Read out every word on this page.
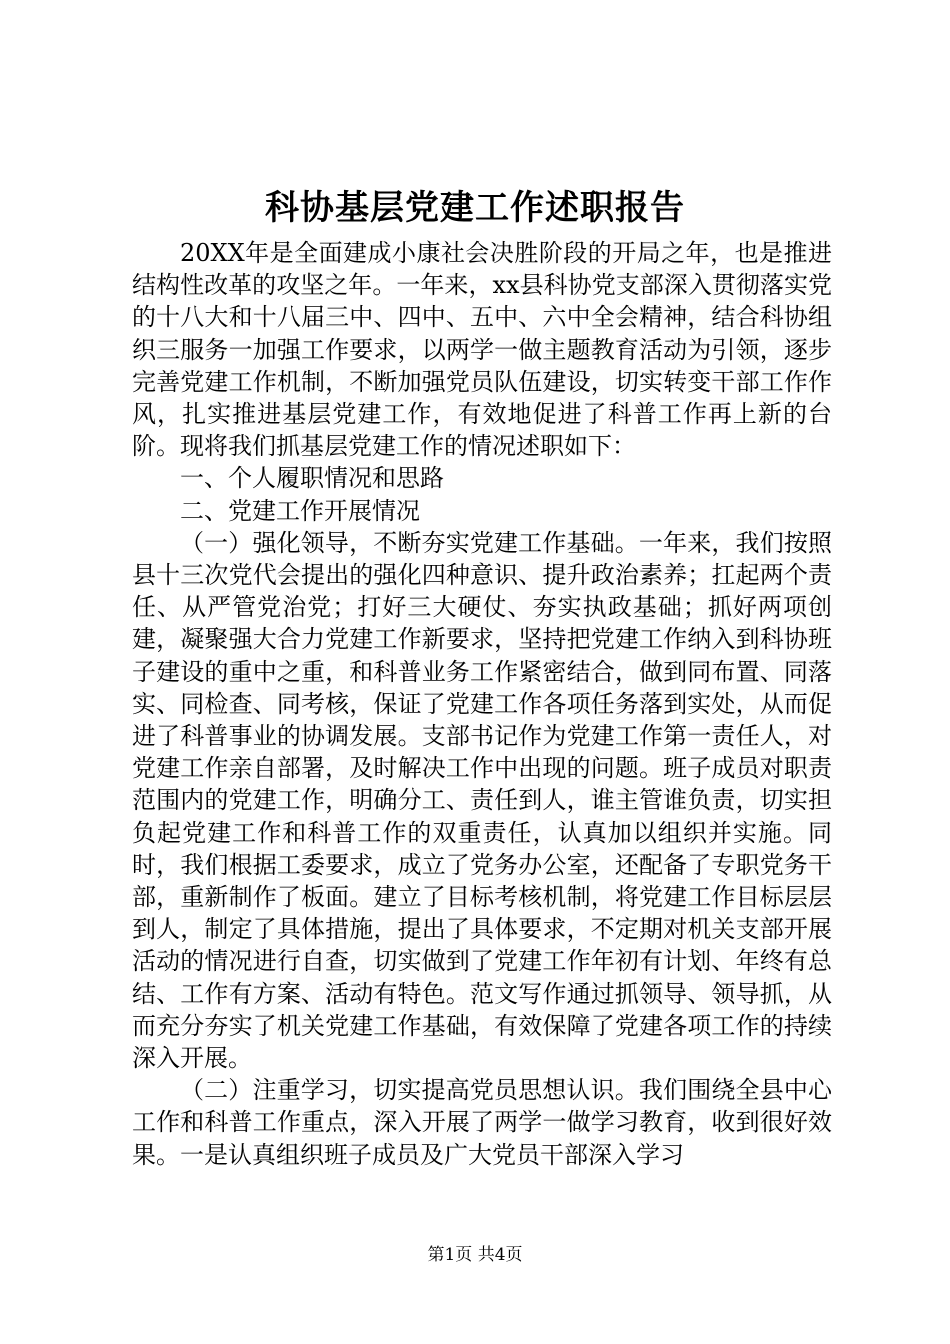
科协基层党建工作述职报告

20XX年是全面建成小康社会决胜阶段的开局之年，也是推进结构性改革的攻坚之年。一年来，xx县科协党支部深入贯彻落实党的十八大和十八届三中、四中、五中、六中全会精神，结合科协组织三服务一加强工作要求，以两学一做主题教育活动为引领，逐步完善党建工作机制，不断加强党员队伍建设，切实转变干部工作作风，扎实推进基层党建工作，有效地促进了科普工作再上新的台阶。现将我们抓基层党建工作的情况述职如下：

一、个人履职情况和思路

二、党建工作开展情况

（一）强化领导，不断夯实党建工作基础。一年来，我们按照县十三次党代会提出的强化四种意识、提升政治素养；扛起两个责任、从严管党治党；打好三大硬仗、夯实执政基础；抓好两项创建，凝聚强大合力党建工作新要求，坚持把党建工作纳入到科协班子建设的重中之重，和科普业务工作紧密结合，做到同布置、同落实、同检查、同考核，保证了党建工作各项任务落到实处，从而促进了科普事业的协调发展。支部书记作为党建工作第一责任人，对党建工作亲自部署，及时解决工作中出现的问题。班子成员对职责范围内的党建工作，明确分工、责任到人，谁主管谁负责，切实担负起党建工作和科普工作的双重责任，认真加以组织并实施。同时，我们根据工委要求，成立了党务办公室，还配备了专职党务干部，重新制作了板面。建立了目标考核机制，将党建工作目标层层到人，制定了具体措施，提出了具体要求，不定期对机关支部开展活动的情况进行自查，切实做到了党建工作年初有计划、年终有总结、工作有方案、活动有特色。范文写作通过抓领导、领导抓，从而充分夯实了机关党建工作基础，有效保障了党建各项工作的持续深入开展。

（二）注重学习，切实提高党员思想认识。我们围绕全县中心工作和科普工作重点，深入开展了两学一做学习教育，收到很好效果。一是认真组织班子成员及广大党员干部深入学习

第1页 共4页
